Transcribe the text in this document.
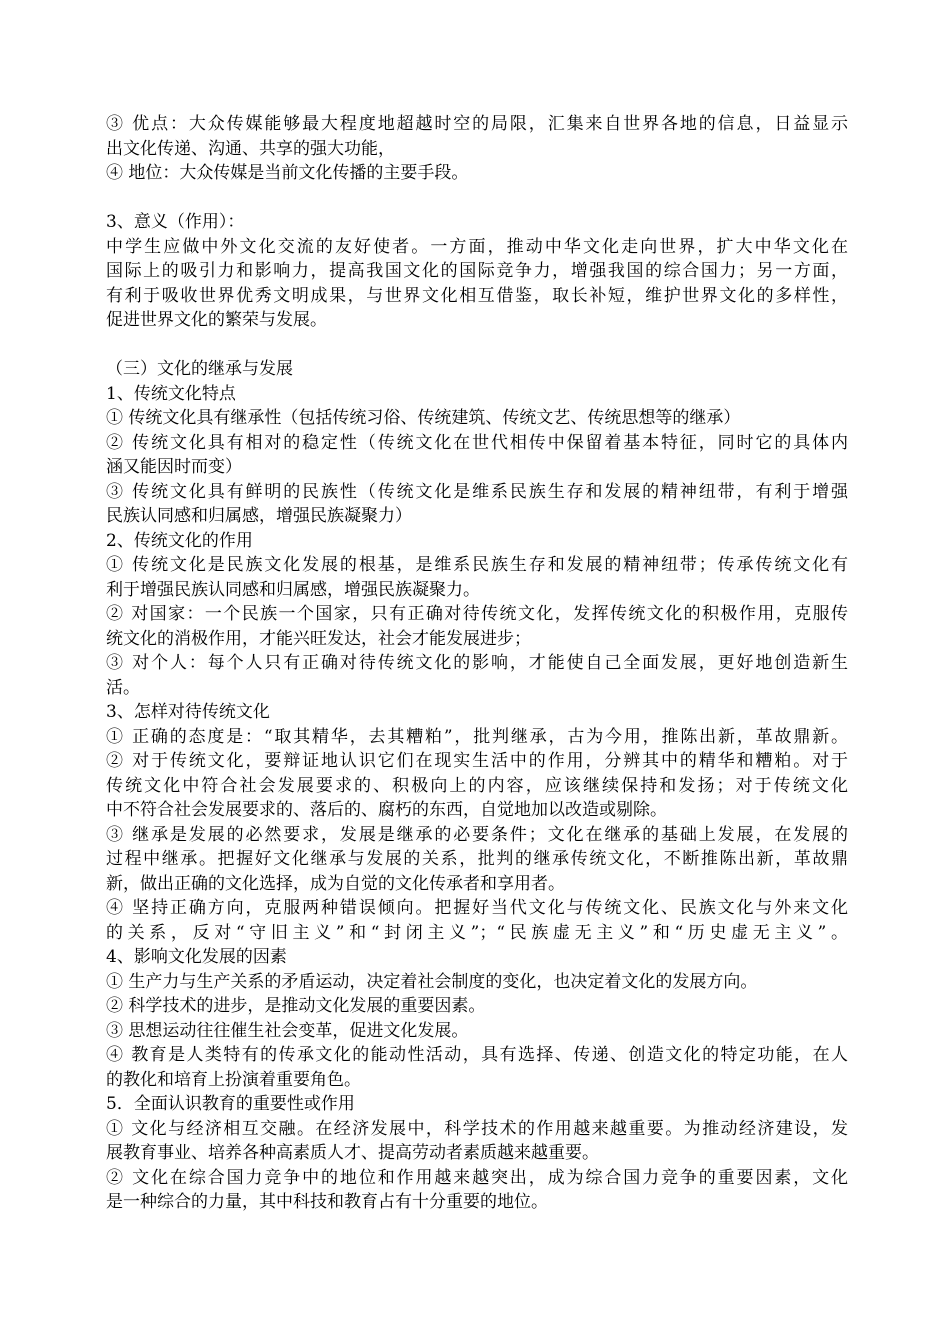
③ 优点：大众传媒能够最大程度地超越时空的局限，汇集来自世界各地的信息，日益显示
出文化传递、沟通、共享的强大功能，
④ 地位：大众传媒是当前文化传播的主要手段。
3、意义（作用）：
中学生应做中外文化交流的友好使者。一方面，推动中华文化走向世界，扩大中华文化在
国际上的吸引力和影响力，提高我国文化的国际竞争力，增强我国的综合国力；另一方面，
有利于吸收世界优秀文明成果，与世界文化相互借鉴，取长补短，维护世界文化的多样性，
促进世界文化的繁荣与发展。
（三）文化的继承与发展
1、传统文化特点
① 传统文化具有继承性（包括传统习俗、传统建筑、传统文艺、传统思想等的继承）
② 传统文化具有相对的稳定性（传统文化在世代相传中保留着基本特征，同时它的具体内
涵又能因时而变）
③ 传统文化具有鲜明的民族性（传统文化是维系民族生存和发展的精神纽带，有利于增强
民族认同感和归属感，增强民族凝聚力）
2、传统文化的作用
① 传统文化是民族文化发展的根基，是维系民族生存和发展的精神纽带；传承传统文化有
利于增强民族认同感和归属感，增强民族凝聚力。
② 对国家：一个民族一个国家，只有正确对待传统文化，发挥传统文化的积极作用，克服传
统文化的消极作用，才能兴旺发达，社会才能发展进步；
③ 对个人：每个人只有正确对待传统文化的影响，才能使自己全面发展，更好地创造新生
活。
3、怎样对待传统文化
① 正确的态度是：“取其精华，去其糟粕”，批判继承，古为今用，推陈出新，革故鼎新。
② 对于传统文化，要辩证地认识它们在现实生活中的作用，分辨其中的精华和糟粕。对于
传统文化中符合社会发展要求的、积极向上的内容，应该继续保持和发扬；对于传统文化
中不符合社会发展要求的、落后的、腐朽的东西，自觉地加以改造或剔除。
③ 继承是发展的必然要求，发展是继承的必要条件；文化在继承的基础上发展，在发展的
过程中继承。把握好文化继承与发展的关系，批判的继承传统文化，不断推陈出新，革故鼎
新，做出正确的文化选择，成为自觉的文化传承者和享用者。
④ 坚持正确方向，克服两种错误倾向。把握好当代文化与传统文化、民族文化与外来文化
的关系，反对“守旧主义”和“封闭主义”；“民族虚无主义”和“历史虚无主义”。
4、影响文化发展的因素
① 生产力与生产关系的矛盾运动，决定着社会制度的变化，也决定着文化的发展方向。
② 科学技术的进步，是推动文化发展的重要因素。
③ 思想运动往往催生社会变革，促进文化发展。
④ 教育是人类特有的传承文化的能动性活动，具有选择、传递、创造文化的特定功能，在人
的教化和培育上扮演着重要角色。
5．全面认识教育的重要性或作用
① 文化与经济相互交融。在经济发展中，科学技术的作用越来越重要。为推动经济建设，发
展教育事业、培养各种高素质人才、提高劳动者素质越来越重要。
② 文化在综合国力竞争中的地位和作用越来越突出，成为综合国力竞争的重要因素，文化
是一种综合的力量，其中科技和教育占有十分重要的地位。
